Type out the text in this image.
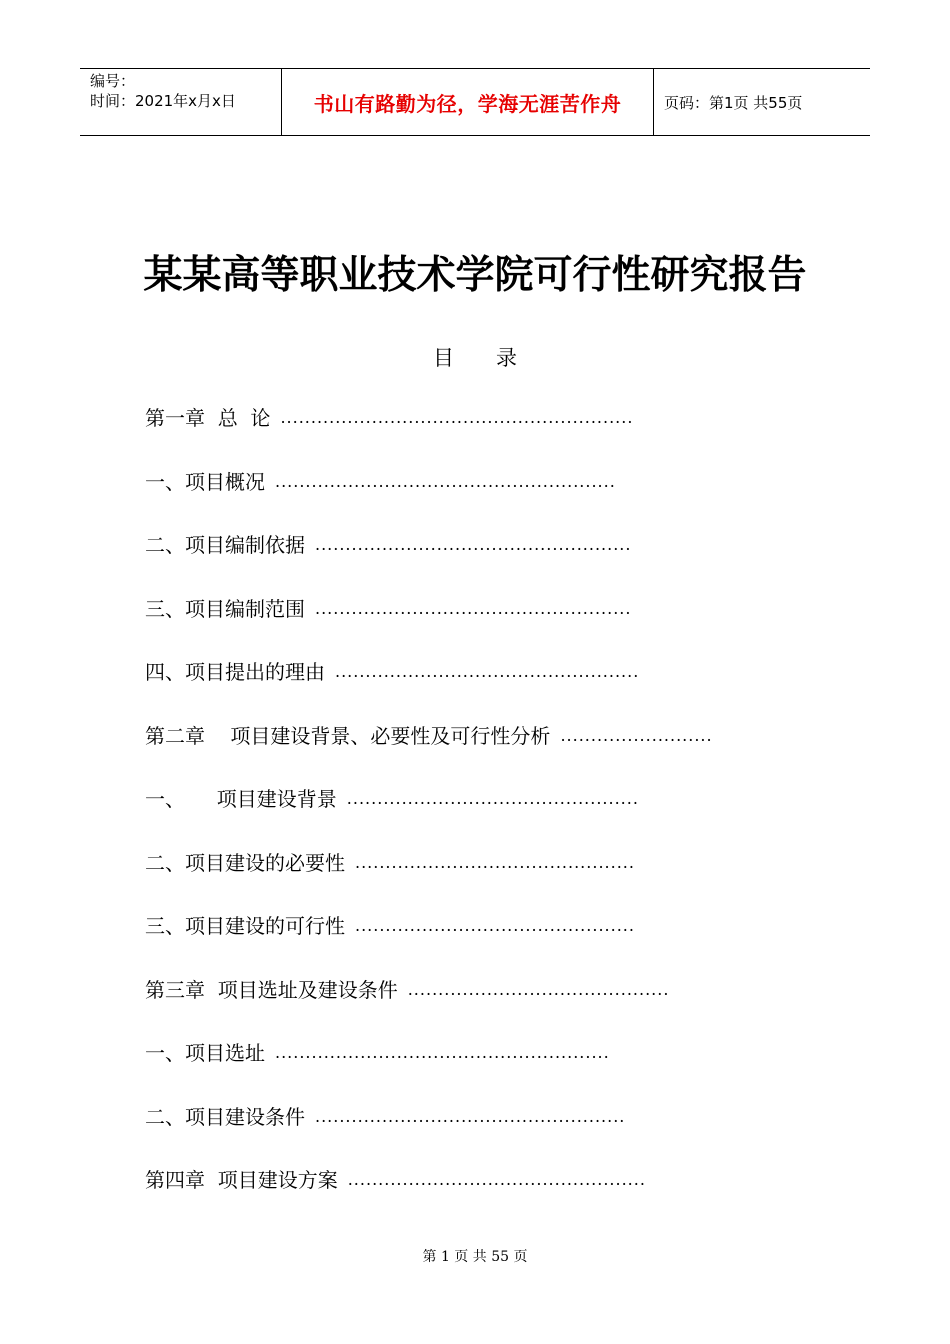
编号：
时间：2021年x月x日	书山有路勤为径，学海无涯苦作舟	页码：第1页 共55页
某某高等职业技术学院可行性研究报告
目录
第一章  总  论 ..........................................................
一、项目概况 ........................................................
二、项目编制依据 ....................................................
三、项目编制范围 ....................................................
四、项目提出的理由 ..................................................
第二章    项目建设背景、必要性及可行性分析 .........................
一、     项目建设背景 ................................................
二、项目建设的必要性 ..............................................
三、项目建设的可行性 ..............................................
第三章  项目选址及建设条件 ...........................................
一、项目选址 .......................................................
二、项目建设条件 ...................................................
第四章  项目建设方案 .................................................
第 1 页 共 55 页
